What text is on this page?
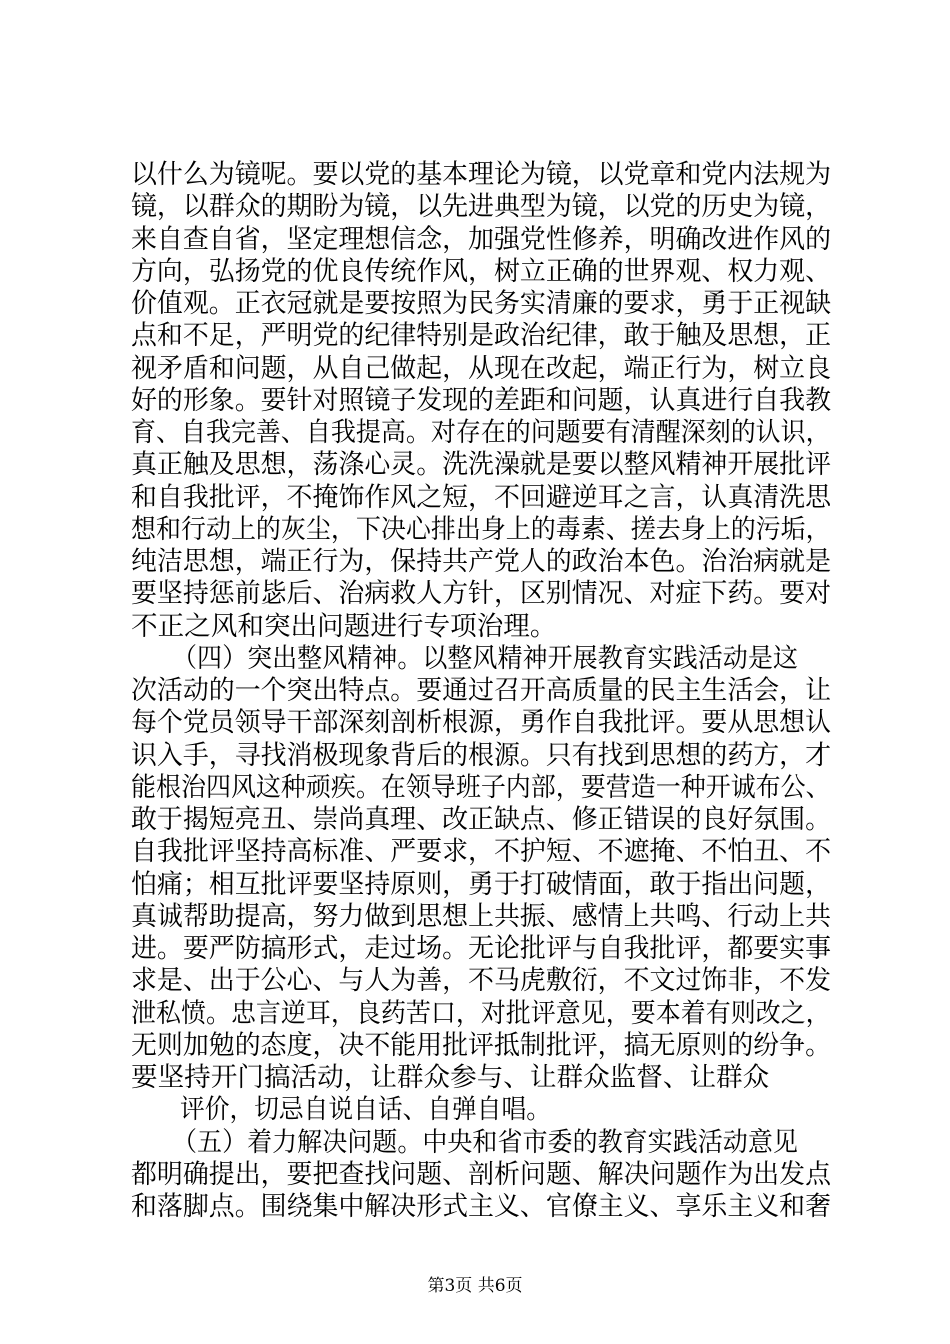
以什么为镜呢。要以党的基本理论为镜，以党章和党内法规为
镜，以群众的期盼为镜，以先进典型为镜，以党的历史为镜，
来自查自省，坚定理想信念，加强党性修养，明确改进作风的
方向，弘扬党的优良传统作风，树立正确的世界观、权力观、
价值观。正衣冠就是要按照为民务实清廉的要求，勇于正视缺
点和不足，严明党的纪律特别是政治纪律，敢于触及思想，正
视矛盾和问题，从自己做起，从现在改起，端正行为，树立良
好的形象。要针对照镜子发现的差距和问题，认真进行自我教
育、自我完善、自我提高。对存在的问题要有清醒深刻的认识，
真正触及思想，荡涤心灵。洗洗澡就是要以整风精神开展批评
和自我批评，不掩饰作风之短，不回避逆耳之言，认真清洗思
想和行动上的灰尘，下决心排出身上的毒素、搓去身上的污垢，
纯洁思想，端正行为，保持共产党人的政治本色。治治病就是
要坚持惩前毖后、治病救人方针，区别情况、对症下药。要对
不正之风和突出问题进行专项治理。
（四）突出整风精神。以整风精神开展教育实践活动是这
次活动的一个突出特点。要通过召开高质量的民主生活会，让
每个党员领导干部深刻剖析根源，勇作自我批评。要从思想认
识入手，寻找消极现象背后的根源。只有找到思想的药方，才
能根治四风这种顽疾。在领导班子内部，要营造一种开诚布公、
敢于揭短亮丑、崇尚真理、改正缺点、修正错误的良好氛围。
自我批评坚持高标准、严要求，不护短、不遮掩、不怕丑、不
怕痛；相互批评要坚持原则，勇于打破情面，敢于指出问题，
真诚帮助提高，努力做到思想上共振、感情上共鸣、行动上共
进。要严防搞形式，走过场。无论批评与自我批评，都要实事
求是、出于公心、与人为善，不马虎敷衍，不文过饰非，不发
泄私愤。忠言逆耳，良药苦口，对批评意见，要本着有则改之，
无则加勉的态度，决不能用批评抵制批评，搞无原则的纷争。
要坚持开门搞活动，让群众参与、让群众监督、让群众
评价，切忌自说自话、自弹自唱。
（五）着力解决问题。中央和省市委的教育实践活动意见
都明确提出，要把查找问题、剖析问题、解决问题作为出发点
和落脚点。围绕集中解决形式主义、官僚主义、享乐主义和奢
第3页 共6页
